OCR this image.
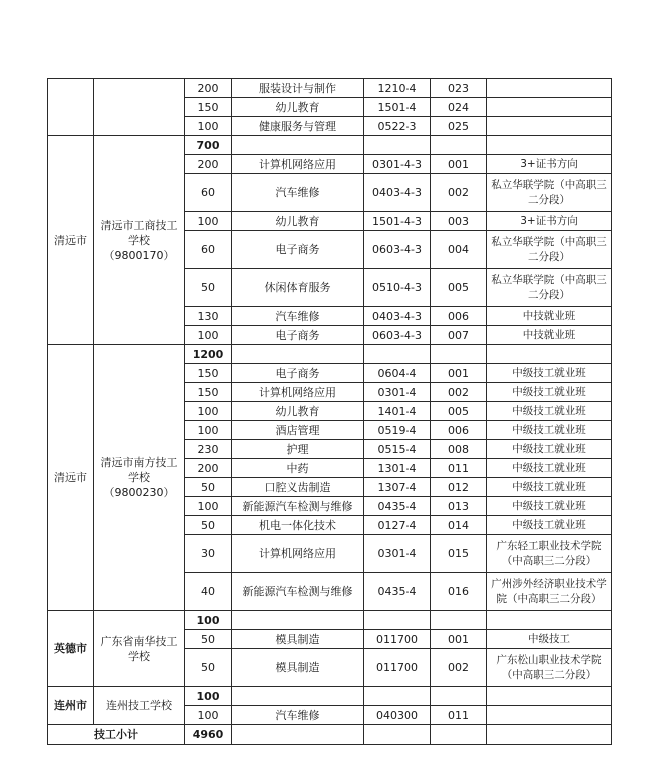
		200	服装设计与制作	1210-4	023	
		150	幼儿教育	1501-4	024	
		100	健康服务与管理	0522-3	025	
清远市	清远市工商技工学校（9800170）	700				
		200	计算机网络应用	0301-4-3	001	3+证书方向
		60	汽车维修	0403-4-3	002	私立华联学院（中高职三二分段）
		100	幼儿教育	1501-4-3	003	3+证书方向
		60	电子商务	0603-4-3	004	私立华联学院（中高职三二分段）
		50	休闲体育服务	0510-4-3	005	私立华联学院（中高职三二分段）
		130	汽车维修	0403-4-3	006	中技就业班
		100	电子商务	0603-4-3	007	中技就业班
清远市	清远市南方技工学校（9800230）	1200				
		150	电子商务	0604-4	001	中级技工就业班
		150	计算机网络应用	0301-4	002	中级技工就业班
		100	幼儿教育	1401-4	005	中级技工就业班
		100	酒店管理	0519-4	006	中级技工就业班
		230	护理	0515-4	008	中级技工就业班
		200	中药	1301-4	011	中级技工就业班
		50	口腔义齿制造	1307-4	012	中级技工就业班
		100	新能源汽车检测与维修	0435-4	013	中级技工就业班
		50	机电一体化技术	0127-4	014	中级技工就业班
		30	计算机网络应用	0301-4	015	广东轻工职业技术学院（中高职三二分段）
		40	新能源汽车检测与维修	0435-4	016	广州涉外经济职业技术学院（中高职三二分段）
英德市	广东省南华技工学校	100				
		50	模具制造	011700	001	中级技工
		50	模具制造	011700	002	广东松山职业技术学院（中高职三二分段）
连州市	连州技工学校	100				
		100	汽车维修	040300	011	
技工小计		4960				
